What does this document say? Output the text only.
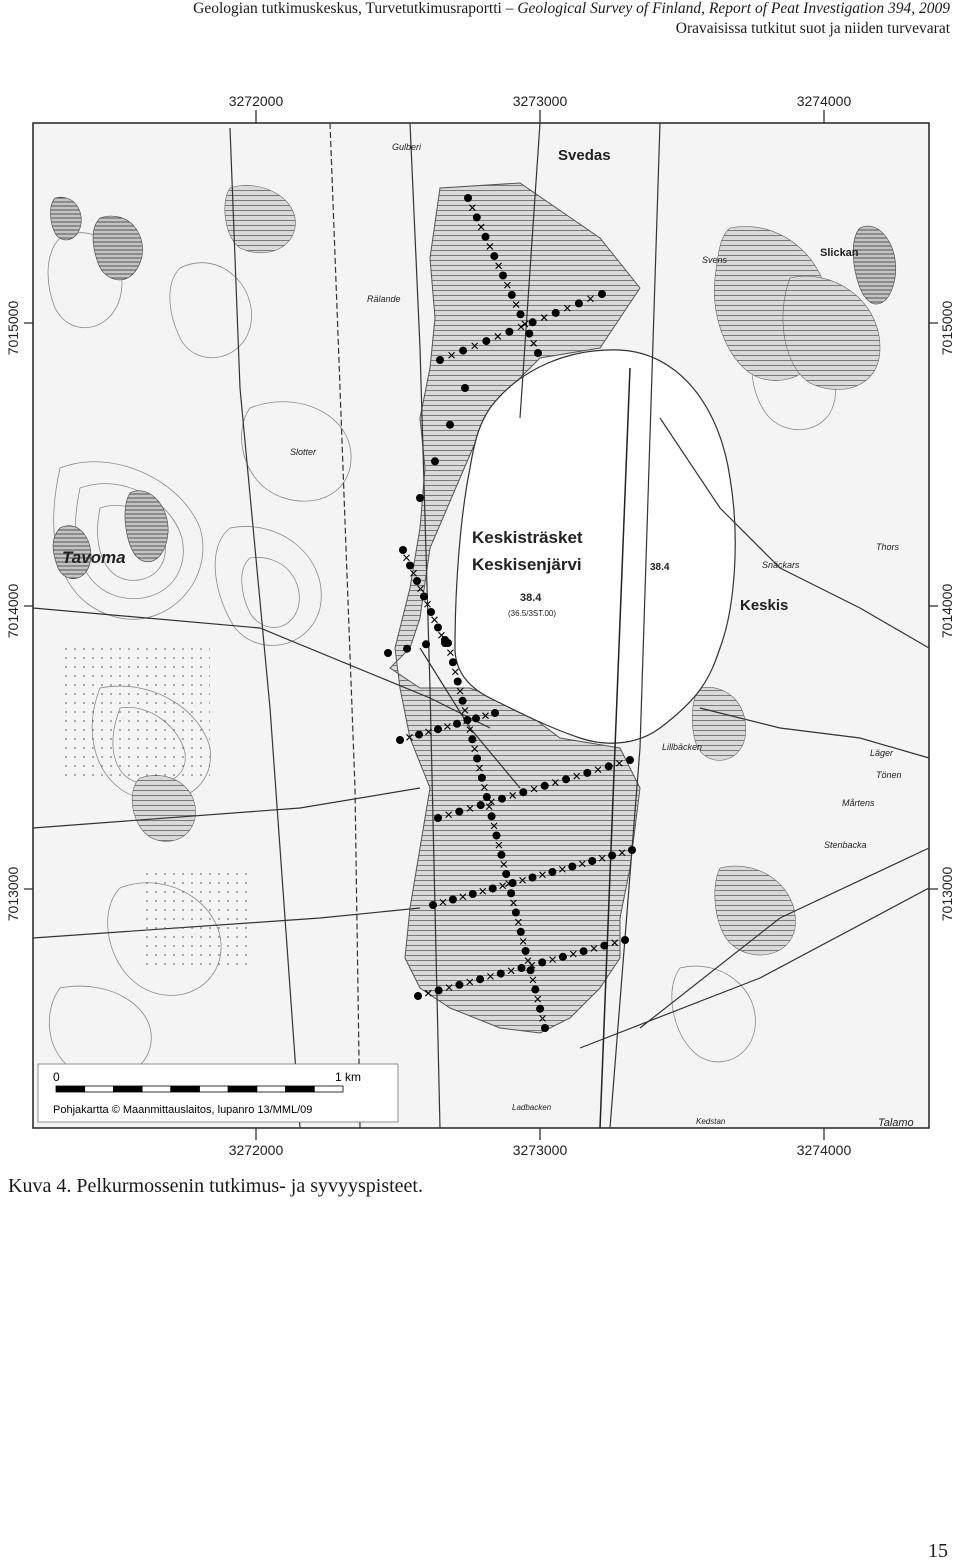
Geologian tutkimuskeskus, Turvetutkimusraportti – Geological Survey of Finland, Report of Peat Investigation 394, 2009
Oravaisissa tutkitut suot ja niiden turvevarat
Keskisträsket
Keskisenjärvi	38.4
38.4
(36.5/3ST.00)
Tavoma
Svedas
Keskis
Slickan
Slotter
Rälande
Gulberi
Svens
Lillbäcken
Stenbacka
Läger
Tönen
Mårtens
Thors
Snäckars
Talamo
Ladbacken
Kedstan
0	1 km
Pohjakartta © Maanmittauslaitos, lupanro 13/MML/09
3272000	3273000	3274000
3272000	3273000	3274000
7015000
7014000
7013000
7015000
7014000
7013000
Kuva 4. Pelkurmossenin tutkimus- ja syvyyspisteet.
15
